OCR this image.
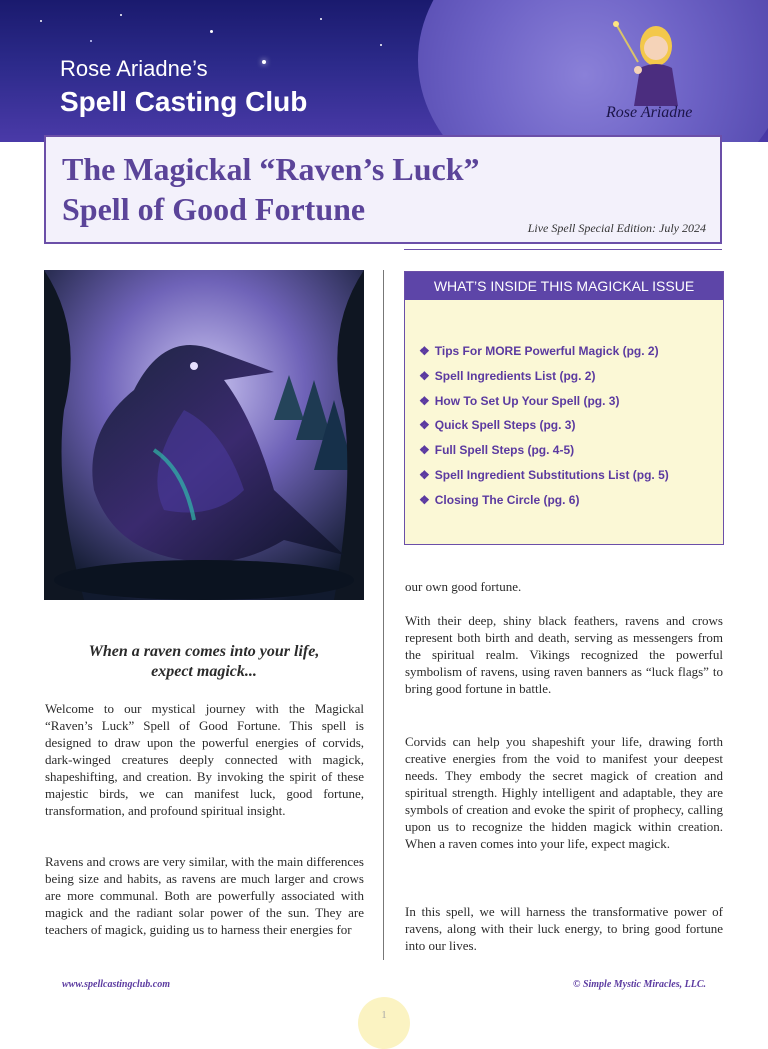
Rose Ariadne’s
Spell Casting Club	Rose Ariadne
The Magickal “Raven’s Luck”
Spell of Good Fortune
Live Spell Special Edition: July 2024
WHAT’S INSIDE THIS MAGICKAL ISSUE
❖ Tips For MORE Powerful Magick (pg. 2)
❖ Spell Ingredients List (pg. 2)
❖ How To Set Up Your Spell (pg. 3)
❖ Quick Spell Steps (pg. 3)
❖ Full Spell Steps (pg. 4-5)
❖ Spell Ingredient Substitutions List (pg. 5)
❖ Closing The Circle (pg. 6)
When a raven comes into your life,
expect magick...

Welcome to our mystical journey with the Magickal “Raven’s Luck” Spell of Good Fortune. This spell is designed to draw upon the powerful energies of corvids, dark-winged creatures deeply connected with magick, shapeshifting, and creation. By invoking the spirit of these majestic birds, we can manifest luck, good fortune, transformation, and profound spiritual insight.

Ravens and crows are very similar, with the main differences being size and habits, as ravens are much larger and crows are more communal. Both are powerfully associated with magick and the radiant solar power of the sun. They are teachers of magick, guiding us to harness their energies for

our own good fortune.

With their deep, shiny black feathers, ravens and crows represent both birth and death, serving as messengers from the spiritual realm. Vikings recognized the powerful symbolism of ravens, using raven banners as “luck flags” to bring good fortune in battle.

Corvids can help you shapeshift your life, drawing forth creative energies from the void to manifest your deepest needs. They embody the secret magick of creation and spiritual strength. Highly intelligent and adaptable, they are symbols of creation and evoke the spirit of prophecy, calling upon us to recognize the hidden magick within creation. When a raven comes into your life, expect magick.

In this spell, we will harness the transformative power of ravens, along with their luck energy, to bring good fortune into our lives.

www.spellcastingclub.com	© Simple Mystic Miracles, LLC.
1
